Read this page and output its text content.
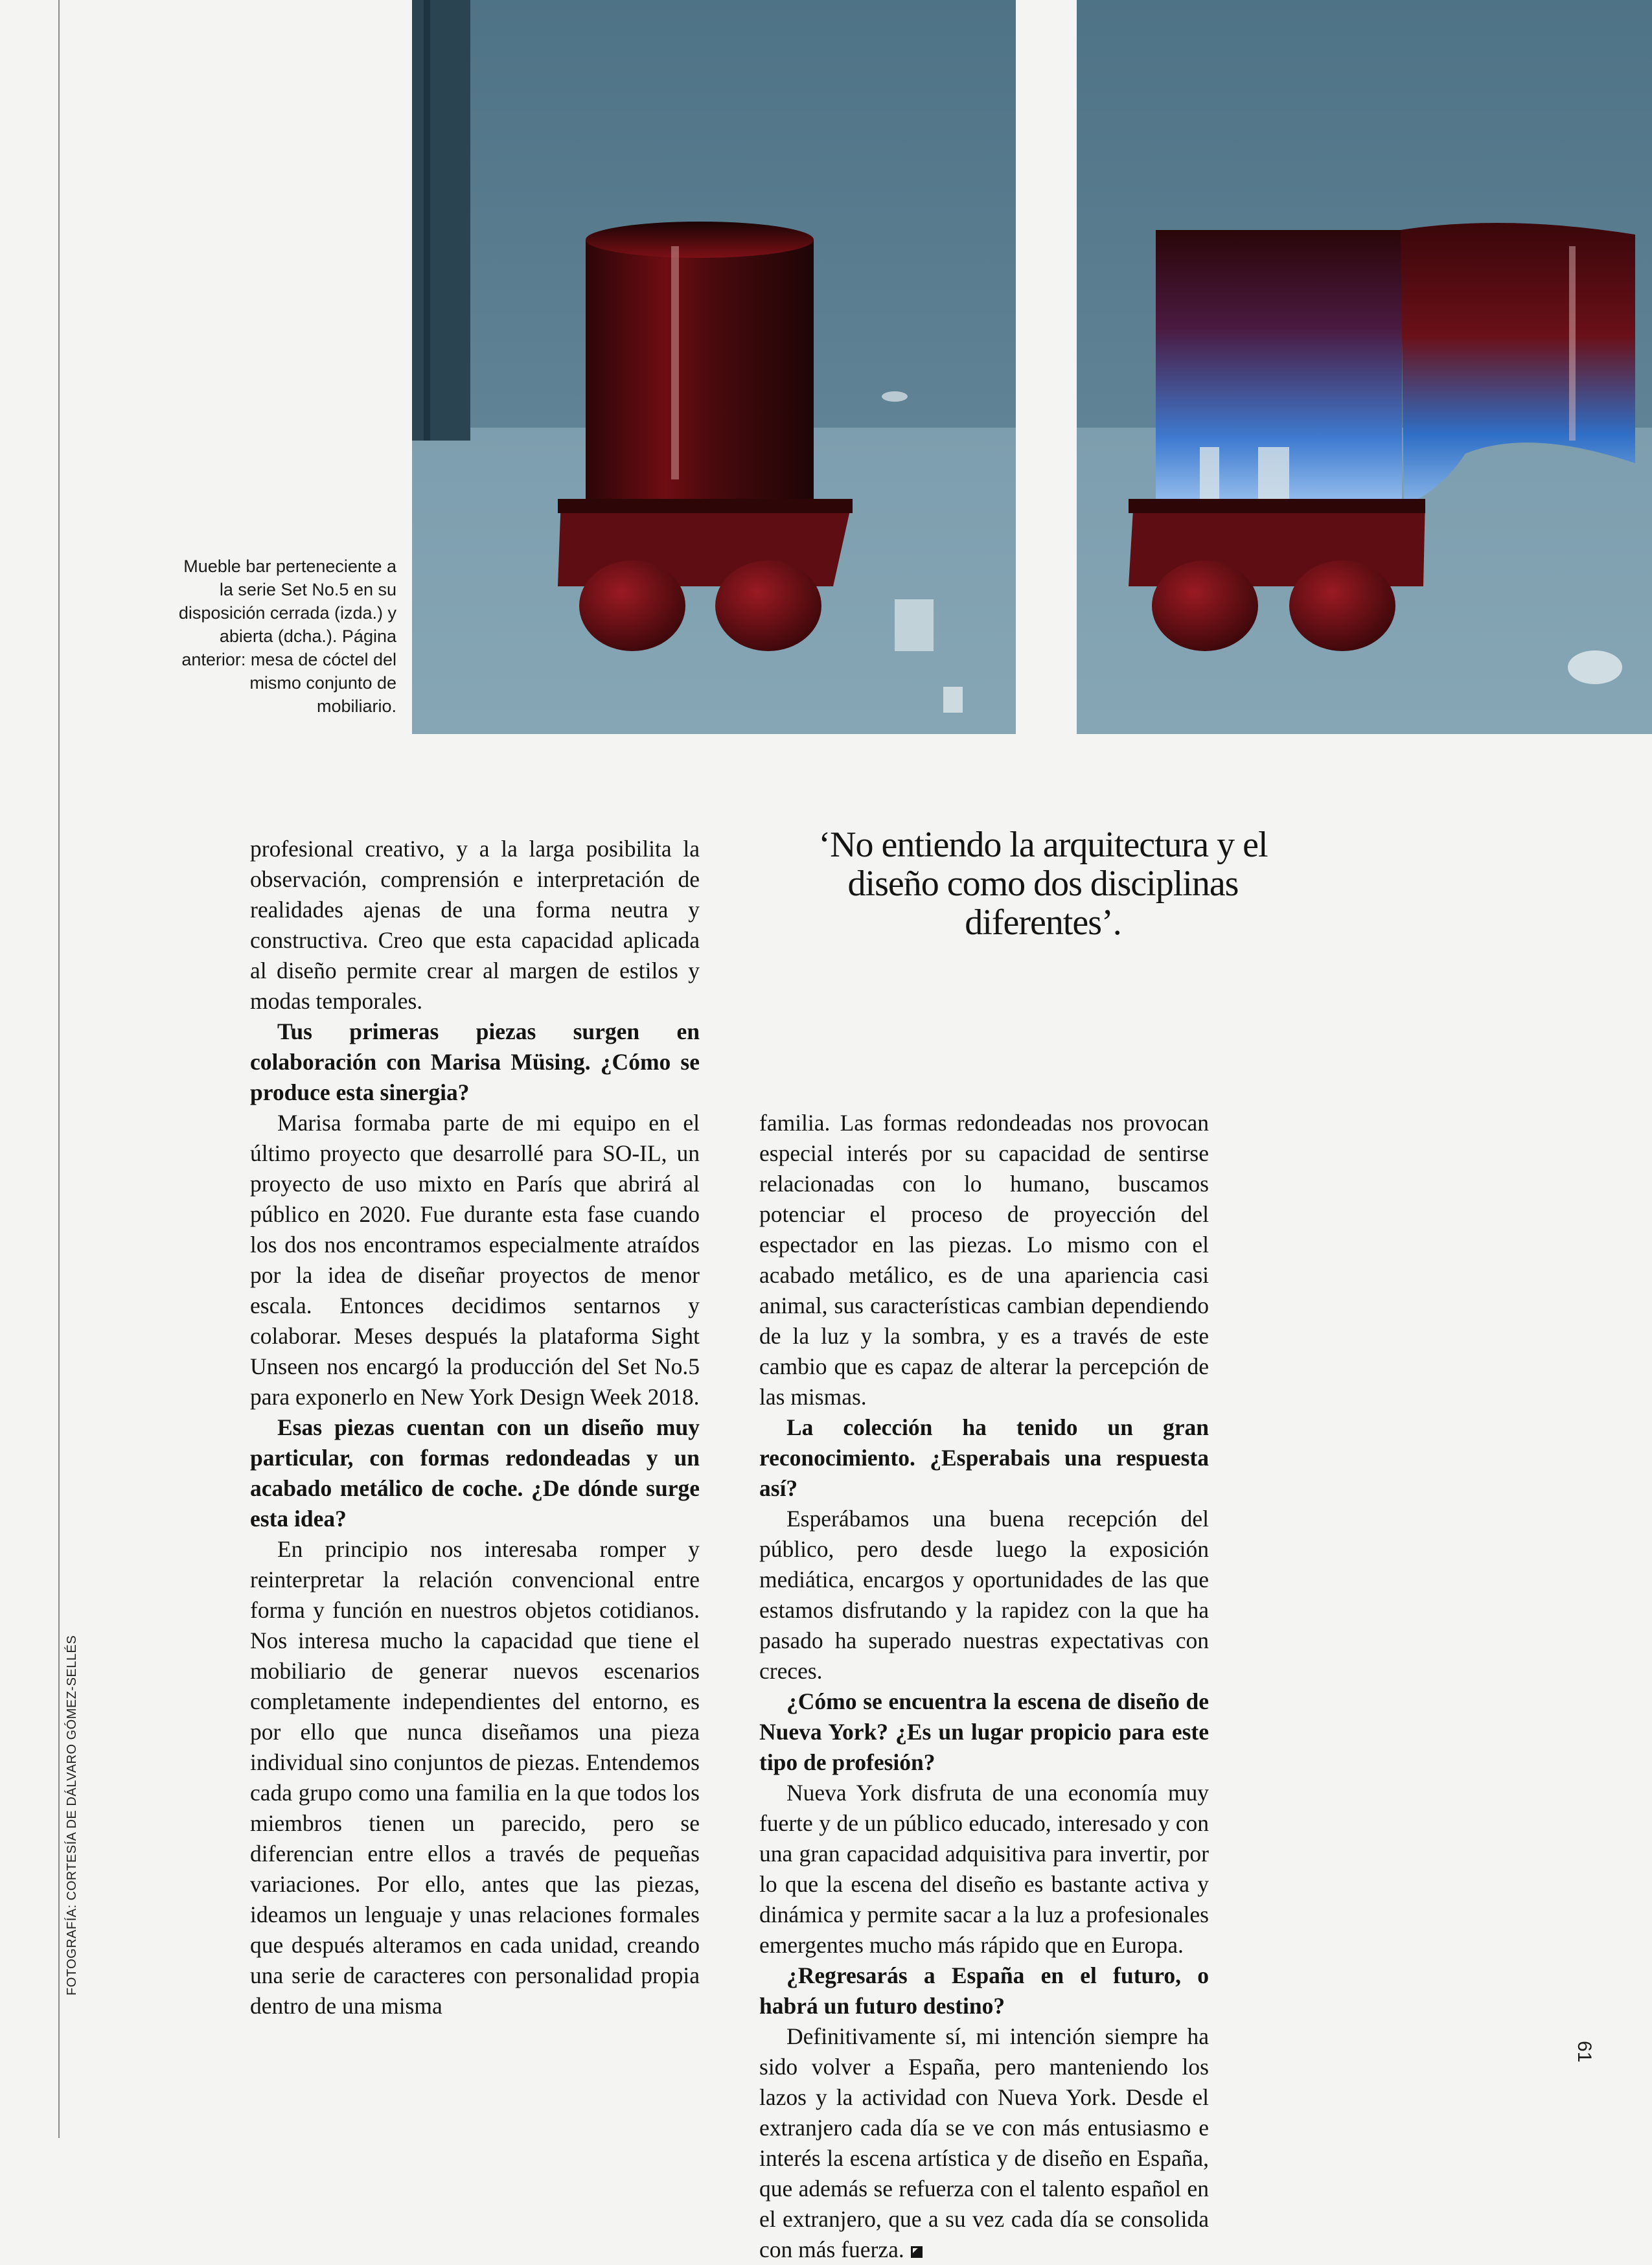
FOTOGRAFÍA: CORTESÍA DE DÁLVARO GÓMEZ-SELLÉS
Mueble bar perteneciente a la serie Set No.5 en su disposición cerrada (izda.) y abierta (dcha.). Página anterior: mesa de cóctel del mismo conjunto de mobiliario.
‘No entiendo la arquitectura y el diseño como dos disciplinas diferentes’.

profesional creativo, y a la larga posibilita la observación, comprensión e interpretación de realidades ajenas de una forma neutra y constructiva. Creo que esta capacidad aplicada al diseño permite crear al margen de estilos y modas temporales.

Tus primeras piezas surgen en colaboración con Marisa Müsing. ¿Cómo se produce esta sinergia?

Marisa formaba parte de mi equipo en el último proyecto que desarrollé para SO-IL, un proyecto de uso mixto en París que abrirá al público en 2020. Fue durante esta fase cuando los dos nos encontramos especialmente atraídos por la idea de diseñar proyectos de menor escala. Entonces decidimos sentarnos y colaborar. Meses después la plataforma Sight Unseen nos encargó la producción del Set No.5 para exponerlo en New York Design Week 2018.

Esas piezas cuentan con un diseño muy particular, con formas redondeadas y un acabado metálico de coche. ¿De dónde surge esta idea?

En principio nos interesaba romper y reinterpretar la relación convencional entre forma y función en nuestros objetos cotidianos. Nos interesa mucho la capacidad que tiene el mobiliario de generar nuevos escenarios completamente independientes del entorno, es por ello que nunca diseñamos una pieza individual sino conjuntos de piezas. Entendemos cada grupo como una familia en la que todos los miembros tienen un parecido, pero se diferencian entre ellos a través de pequeñas variaciones. Por ello, antes que las piezas, ideamos un lenguaje y unas relaciones formales que después alteramos en cada unidad, creando una serie de caracteres con personalidad propia dentro de una misma

familia. Las formas redondeadas nos provocan especial interés por su capacidad de sentirse relacionadas con lo humano, buscamos potenciar el proceso de proyección del espectador en las piezas. Lo mismo con el acabado metálico, es de una apariencia casi animal, sus características cambian dependiendo de la luz y la sombra, y es a través de este cambio que es capaz de alterar la percepción de las mismas.

La colección ha tenido un gran reconocimiento. ¿Esperabais una respuesta así?

Esperábamos una buena recepción del público, pero desde luego la exposición mediática, encargos y oportunidades de las que estamos disfrutando y la rapidez con la que ha pasado ha superado nuestras expectativas con creces.

¿Cómo se encuentra la escena de diseño de Nueva York? ¿Es un lugar propicio para este tipo de profesión?

Nueva York disfruta de una economía muy fuerte y de un público educado, interesado y con una gran capacidad adquisitiva para invertir, por lo que la escena del diseño es bastante activa y dinámica y permite sacar a la luz a profesionales emergentes mucho más rápido que en Europa.

¿Regresarás a España en el futuro, o habrá un futuro destino?

Definitivamente sí, mi intención siempre ha sido volver a España, pero manteniendo los lazos y la actividad con Nueva York. Desde el extranjero cada día se ve con más entusiasmo e interés la escena artística y de diseño en España, que además se refuerza con el talento español en el extranjero, que a su vez cada día se consolida con más fuerza.

61
